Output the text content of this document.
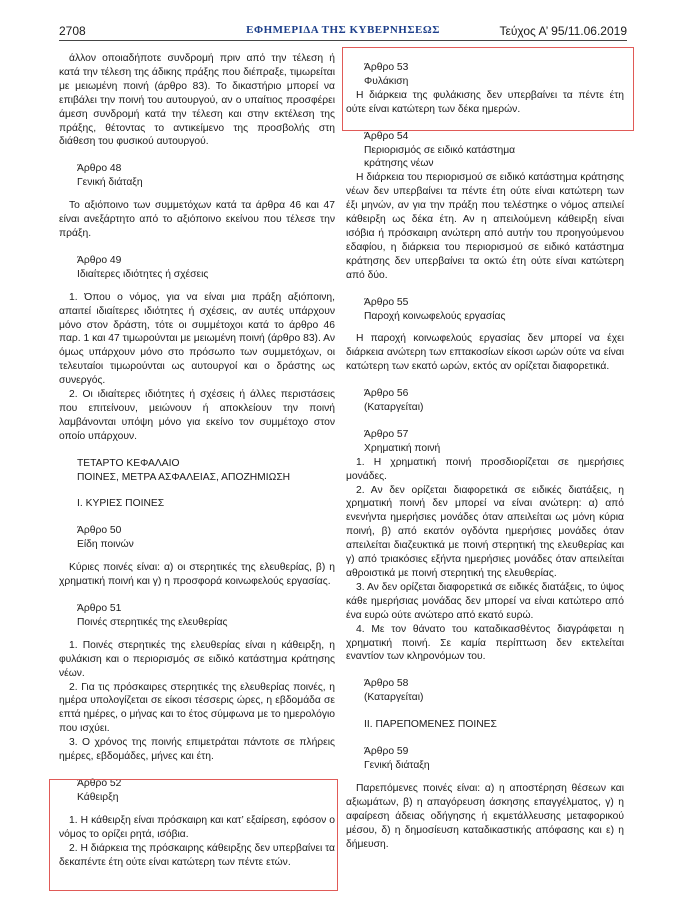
2708	ΕΦΗΜΕΡΙΔΑ ΤΗΣ ΚΥΒΕΡΝΗΣΕΩΣ	Τεύχος Α’ 95/11.06.2019
άλλον οποιαδήποτε συνδρομή πριν από την τέλεση ή κατά την τέλεση της άδικης πράξης που διέπραξε, τιμωρείται με μειωμένη ποινή (άρθρο 83). Το δικαστήριο μπορεί να επιβάλει την ποινή του αυτουργού, αν ο υπαίτιος προσφέρει άμεση συνδρομή κατά την τέλεση και στην εκτέλεση της πράξης, θέτοντας το αντικείμενο της προσβολής στη διάθεση του φυσικού αυτουργού.
Άρθρο 48
Γενική διάταξη
Το αξιόποινο των συμμετόχων κατά τα άρθρα 46 και 47 είναι ανεξάρτητο από το αξιόποινο εκείνου που τέλεσε την πράξη.
Άρθρο 49
Ιδιαίτερες ιδιότητες ή σχέσεις
1. Όπου ο νόμος, για να είναι μια πράξη αξιόποινη, απαιτεί ιδιαίτερες ιδιότητες ή σχέσεις, αν αυτές υπάρχουν μόνο στον δράστη, τότε οι συμμέτοχοι κατά το άρθρο 46 παρ. 1 και 47 τιμωρούνται με μειωμένη ποινή (άρθρο 83). Αν όμως υπάρχουν μόνο στο πρόσωπο των συμμετόχων, οι τελευταίοι τιμωρούνται ως αυτουργοί και ο δράστης ως συνεργός.
2. Οι ιδιαίτερες ιδιότητες ή σχέσεις ή άλλες περιστάσεις που επιτείνουν, μειώνουν ή αποκλείουν την ποινή λαμβάνονται υπόψη μόνο για εκείνο τον συμμέτοχο στον οποίο υπάρχουν.
ΤΕΤΑΡΤΟ ΚΕΦΑΛΑΙΟ
ΠΟΙΝΕΣ, ΜΕΤΡΑ ΑΣΦΑΛΕΙΑΣ, ΑΠΟΖΗΜΙΩΣΗ
Ι. ΚΥΡΙΕΣ ΠΟΙΝΕΣ
Άρθρο 50
Είδη ποινών
Κύριες ποινές είναι: α) οι στερητικές της ελευθερίας, β) η χρηματική ποινή και γ) η προσφορά κοινωφελούς εργασίας.
Άρθρο 51
Ποινές στερητικές της ελευθερίας
1. Ποινές στερητικές της ελευθερίας είναι η κάθειρξη, η φυλάκιση και ο περιορισμός σε ειδικό κατάστημα κράτησης νέων.
2. Για τις πρόσκαιρες στερητικές της ελευθερίας ποινές, η ημέρα υπολογίζεται σε είκοσι τέσσερις ώρες, η εβδομάδα σε επτά ημέρες, ο μήνας και το έτος σύμφωνα με το ημερολόγιο που ισχύει.
3. Ο χρόνος της ποινής επιμετράται πάντοτε σε πλήρεις ημέρες, εβδομάδες, μήνες και έτη.
Άρθρο 52
Κάθειρξη
1. Η κάθειρξη είναι πρόσκαιρη και κατ’ εξαίρεση, εφόσον ο νόμος το ορίζει ρητά, ισόβια.
2. Η διάρκεια της πρόσκαιρης κάθειρξης δεν υπερβαίνει τα δεκαπέντε έτη ούτε είναι κατώτερη των πέντε ετών.
Άρθρο 53
Φυλάκιση
Η διάρκεια της φυλάκισης δεν υπερβαίνει τα πέντε έτη ούτε είναι κατώτερη των δέκα ημερών.
Άρθρο 54
Περιορισμός σε ειδικό κατάστημα
κράτησης νέων
Η διάρκεια του περιορισμού σε ειδικό κατάστημα κράτησης νέων δεν υπερβαίνει τα πέντε έτη ούτε είναι κατώτερη των έξι μηνών, αν για την πράξη που τελέστηκε ο νόμος απειλεί κάθειρξη ως δέκα έτη. Αν η απειλούμενη κάθειρξη είναι ισόβια ή πρόσκαιρη ανώτερη από αυτήν του προηγούμενου εδαφίου, η διάρκεια του περιορισμού σε ειδικό κατάστημα κράτησης δεν υπερβαίνει τα οκτώ έτη ούτε είναι κατώτερη από δύο.
Άρθρο 55
Παροχή κοινωφελούς εργασίας
Η παροχή κοινωφελούς εργασίας δεν μπορεί να έχει διάρκεια ανώτερη των επτακοσίων είκοσι ωρών ούτε να είναι κατώτερη των εκατό ωρών, εκτός αν ορίζεται διαφορετικά.
Άρθρο 56
(Καταργείται)
Άρθρο 57
Χρηματική ποινή
1. Η χρηματική ποινή προσδιορίζεται σε ημερήσιες μονάδες.
2. Αν δεν ορίζεται διαφορετικά σε ειδικές διατάξεις, η χρηματική ποινή δεν μπορεί να είναι ανώτερη: α) από ενενήντα ημερήσιες μονάδες όταν απειλείται ως μόνη κύρια ποινή, β) από εκατόν ογδόντα ημερήσιες μονάδες όταν απειλείται διαζευκτικά με ποινή στερητική της ελευθερίας και γ) από τριακόσιες εξήντα ημερήσιες μονάδες όταν απειλείται αθροιστικά με ποινή στερητική της ελευθερίας.
3. Αν δεν ορίζεται διαφορετικά σε ειδικές διατάξεις, το ύψος κάθε ημερήσιας μονάδας δεν μπορεί να είναι κατώτερο από ένα ευρώ ούτε ανώτερο από εκατό ευρώ.
4. Με τον θάνατο του καταδικασθέντος διαγράφεται η χρηματική ποινή. Σε καμία περίπτωση δεν εκτελείται εναντίον των κληρονόμων του.
Άρθρο 58
(Καταργείται)
ΙΙ. ΠΑΡΕΠΟΜΕΝΕΣ ΠΟΙΝΕΣ
Άρθρο 59
Γενική διάταξη
Παρεπόμενες ποινές είναι: α) η αποστέρηση θέσεων και αξιωμάτων, β) η απαγόρευση άσκησης επαγγέλματος, γ) η αφαίρεση άδειας οδήγησης ή εκμετάλλευσης μεταφορικού μέσου, δ) η δημοσίευση καταδικαστικής απόφασης και ε) η δήμευση.
